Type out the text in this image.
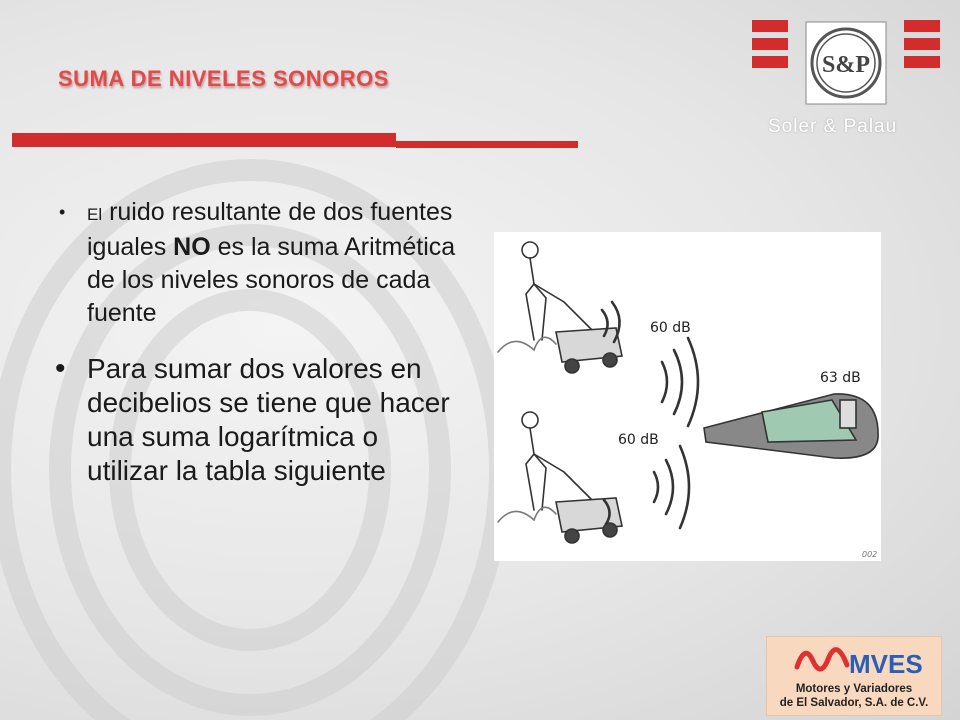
SUMA DE NIVELES SONOROS
S&P
Soler & Palau
• El ruido resultante de dos fuentes iguales NO es la suma Aritmética de los niveles sonoros de cada fuente
• Para sumar dos valores en decibelios se tiene que hacer una suma logarítmica o utilizar la tabla siguiente
60 dB
60 dB
63 dB
002
MVES
Motores y Variadores
de El Salvador, S.A. de C.V.
